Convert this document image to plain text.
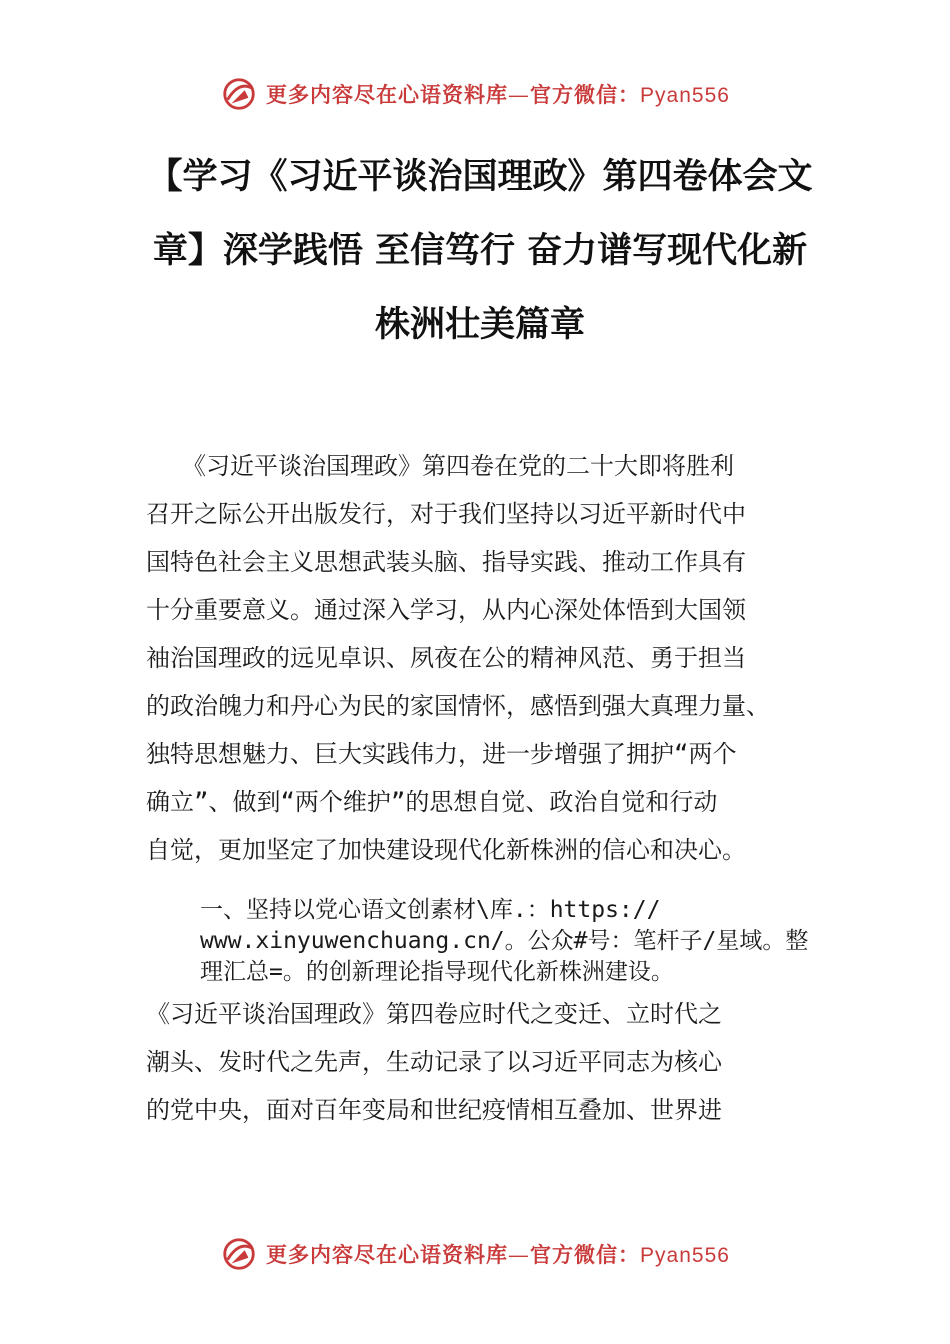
更多内容尽在心语资料库—官方微信：Pyan556
【学习《习近平谈治国理政》第四卷体会文
章】深学践悟 至信笃行 奋力谱写现代化新
株洲壮美篇章
　　《习近平谈治国理政》第四卷在党的二十大即将胜利
召开之际公开出版发行，对于我们坚持以习近平新时代中
国特色社会主义思想武装头脑、指导实践、推动工作具有
十分重要意义。通过深入学习，从内心深处体悟到大国领
袖治国理政的远见卓识、夙夜在公的精神风范、勇于担当
的政治魄力和丹心为民的家国情怀，感悟到强大真理力量、
独特思想魅力、巨大实践伟力，进一步增强了拥护“两个
确立”、做到“两个维护”的思想自觉、政治自觉和行动
自觉，更加坚定了加快建设现代化新株洲的信心和决心。
一、坚持以党心语文创素材\库.：https://
www.xinyuwenchuang.cn/。公众#号：笔杆子/星域。整
理汇总=。的创新理论指导现代化新株洲建设。
《习近平谈治国理政》第四卷应时代之变迁、立时代之
潮头、发时代之先声，生动记录了以习近平同志为核心
的党中央，面对百年变局和世纪疫情相互叠加、世界进
更多内容尽在心语资料库—官方微信：Pyan556
